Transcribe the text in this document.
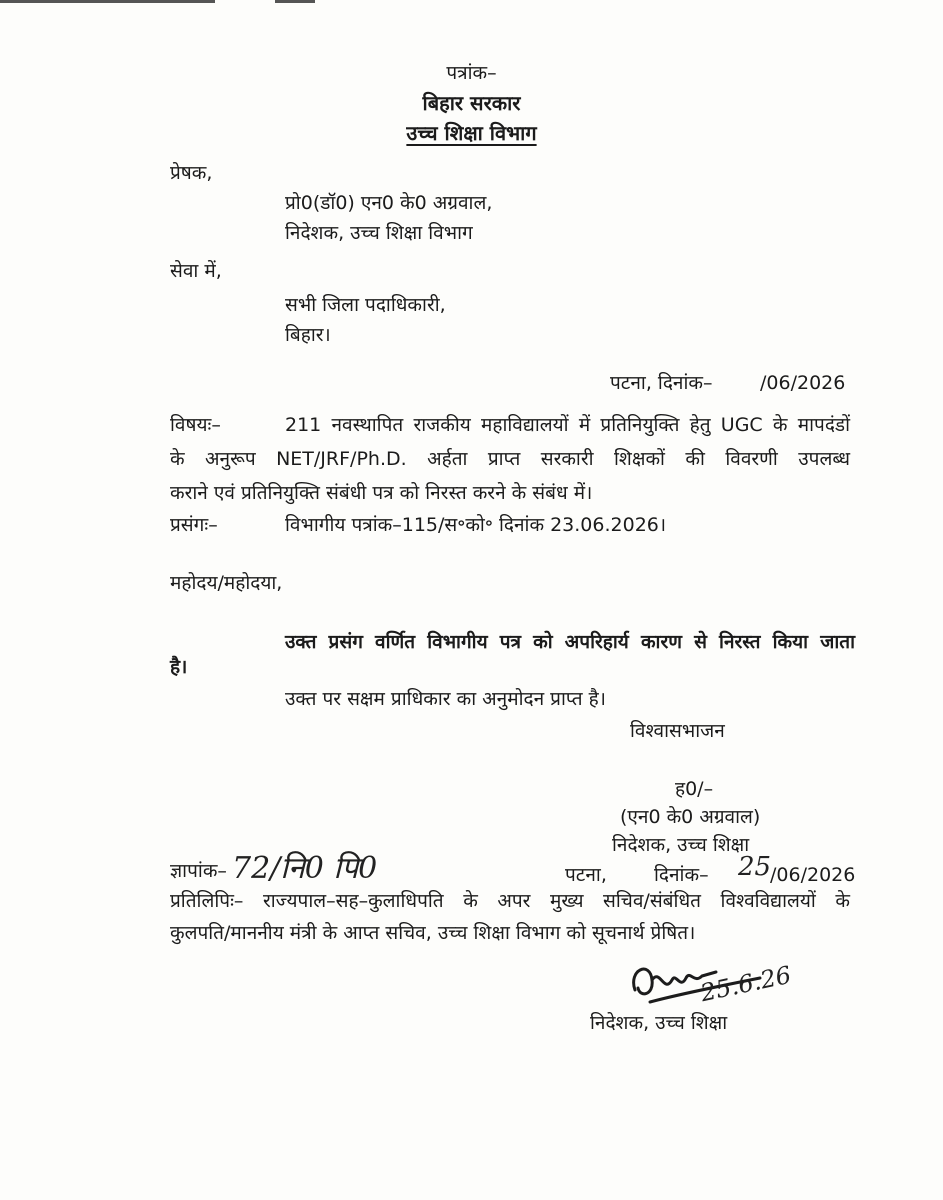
पत्रांक–
बिहार सरकार
उच्च शिक्षा विभाग
प्रेषक,
प्रो0(डॉ0) एन0 के0 अग्रवाल,
निदेशक, उच्च शिक्षा विभाग
सेवा में,
सभी जिला पदाधिकारी,
बिहार।
पटना, दिनांक–	/06/2026
विषयः–	211 नवस्थापित राजकीय महाविद्यालयों में प्रतिनियुक्ति हेतु UGC के मापदंडों
के अनुरूप NET/JRF/Ph.D. अर्हता प्राप्त सरकारी शिक्षकों की विवरणी उपलब्ध
कराने एवं प्रतिनियुक्ति संबंधी पत्र को निरस्त करने के संबंध में।
प्रसंगः–	विभागीय पत्रांक–115/स॰को॰ दिनांक 23.06.2026।
महोदय/महोदया,
उक्त प्रसंग वर्णित विभागीय पत्र को अपरिहार्य कारण से निरस्त किया जाता
है।
उक्त पर सक्षम प्राधिकार का अनुमोदन प्राप्त है।
विश्वासभाजन
ह0/–
(एन0 के0 अग्रवाल)
निदेशक, उच्च शिक्षा
ज्ञापांक– 72/नि0 पि0	पटना, दिनांक– 25
/06/2026
प्रतिलिपिः– राज्यपाल–सह–कुलाधिपति के अपर मुख्य सचिव/संबंधित विश्वविद्यालयों के
कुलपति/माननीय मंत्री के आप्त सचिव, उच्च शिक्षा विभाग को सूचनार्थ प्रेषित।
25.6.26
निदेशक, उच्च शिक्षा
